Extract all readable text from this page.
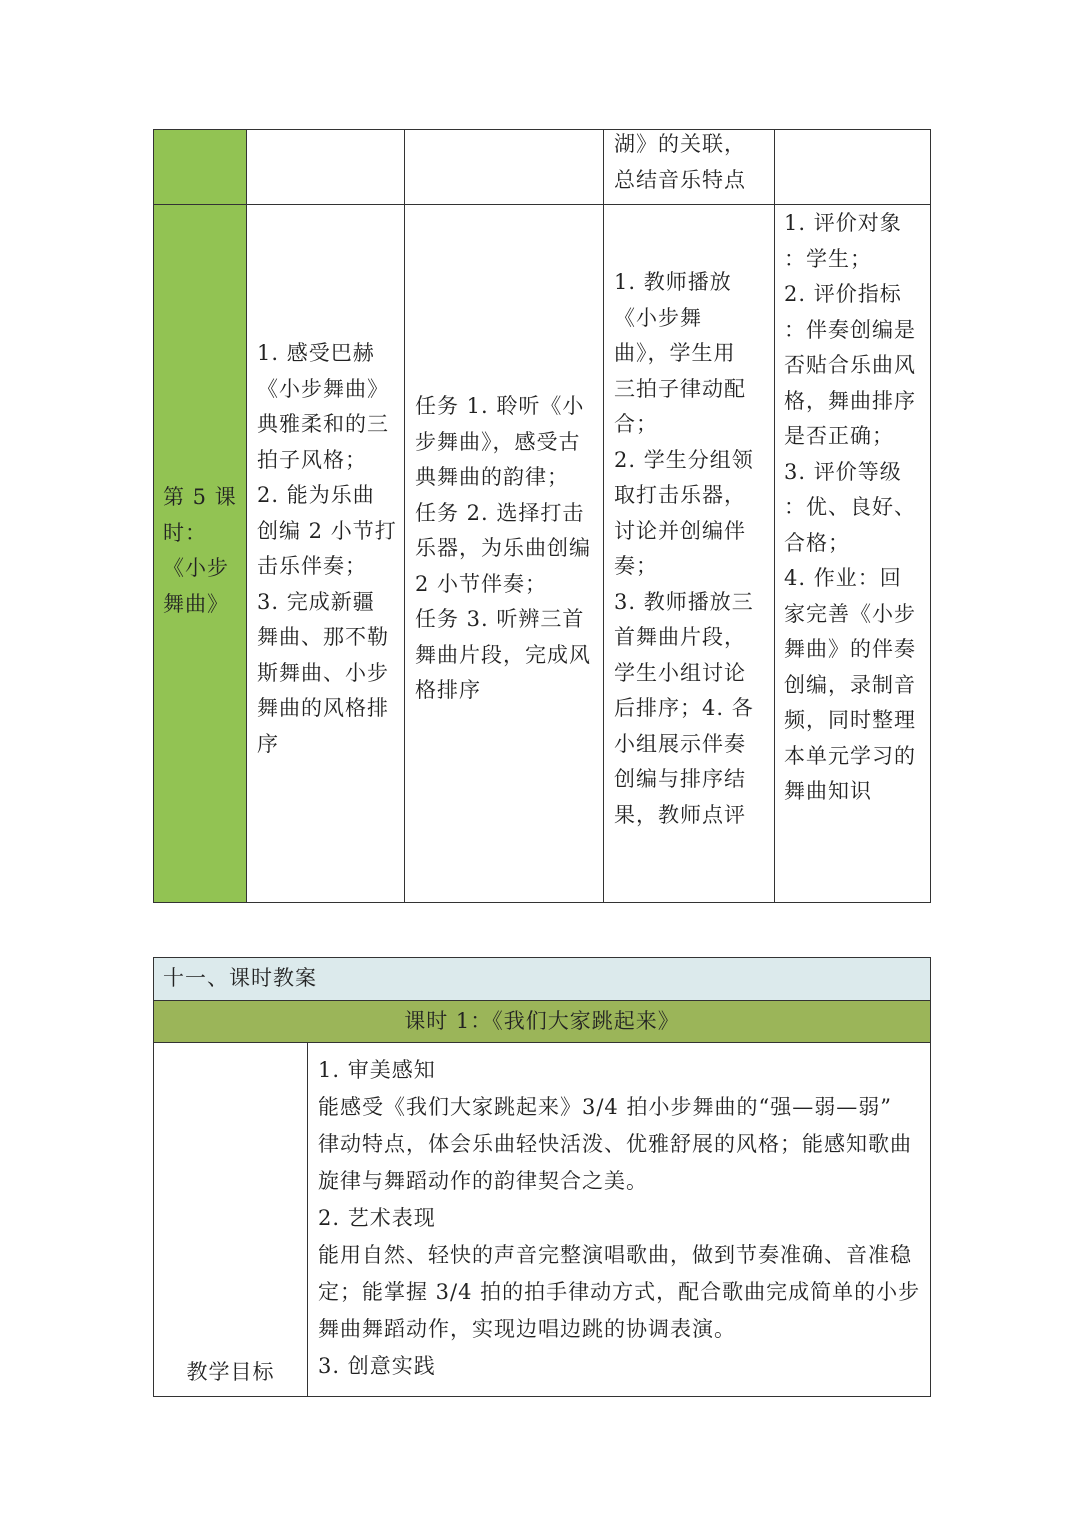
湖》的关联，
总结音乐特点
第 5 课
时：
《小步
舞曲》
1. 感受巴赫
《小步舞曲》
典雅柔和的三
拍子风格；
2. 能为乐曲
创编 2 小节打
击乐伴奏；
3. 完成新疆
舞曲、那不勒
斯舞曲、小步
舞曲的风格排
序
任务 1. 聆听《小
步舞曲》，感受古
典舞曲的韵律；
任务 2. 选择打击
乐器，为乐曲创编
2 小节伴奏；
任务 3. 听辨三首
舞曲片段，完成风
格排序
1. 教师播放
《小步舞
曲》，学生用
三拍子律动配
合；
2. 学生分组领
取打击乐器，
讨论并创编伴
奏；
3. 教师播放三
首舞曲片段，
学生小组讨论
后排序；4. 各
小组展示伴奏
创编与排序结
果，教师点评
1. 评价对象
：学生；
2. 评价指标
：伴奏创编是
否贴合乐曲风
格，舞曲排序
是否正确；
3. 评价等级
：优、良好、
合格；
4. 作业：回
家完善《小步
舞曲》的伴奏
创编，录制音
频，同时整理
本单元学习的
舞曲知识
十一、课时教案
课时 1：《我们大家跳起来》
教学目标
1. 审美感知
能感受《我们大家跳起来》3/4 拍小步舞曲的“强—弱—弱”
律动特点，体会乐曲轻快活泼、优雅舒展的风格；能感知歌曲
旋律与舞蹈动作的韵律契合之美。
2. 艺术表现
能用自然、轻快的声音完整演唱歌曲，做到节奏准确、音准稳
定；能掌握 3/4 拍的拍手律动方式，配合歌曲完成简单的小步
舞曲舞蹈动作，实现边唱边跳的协调表演。
3. 创意实践
